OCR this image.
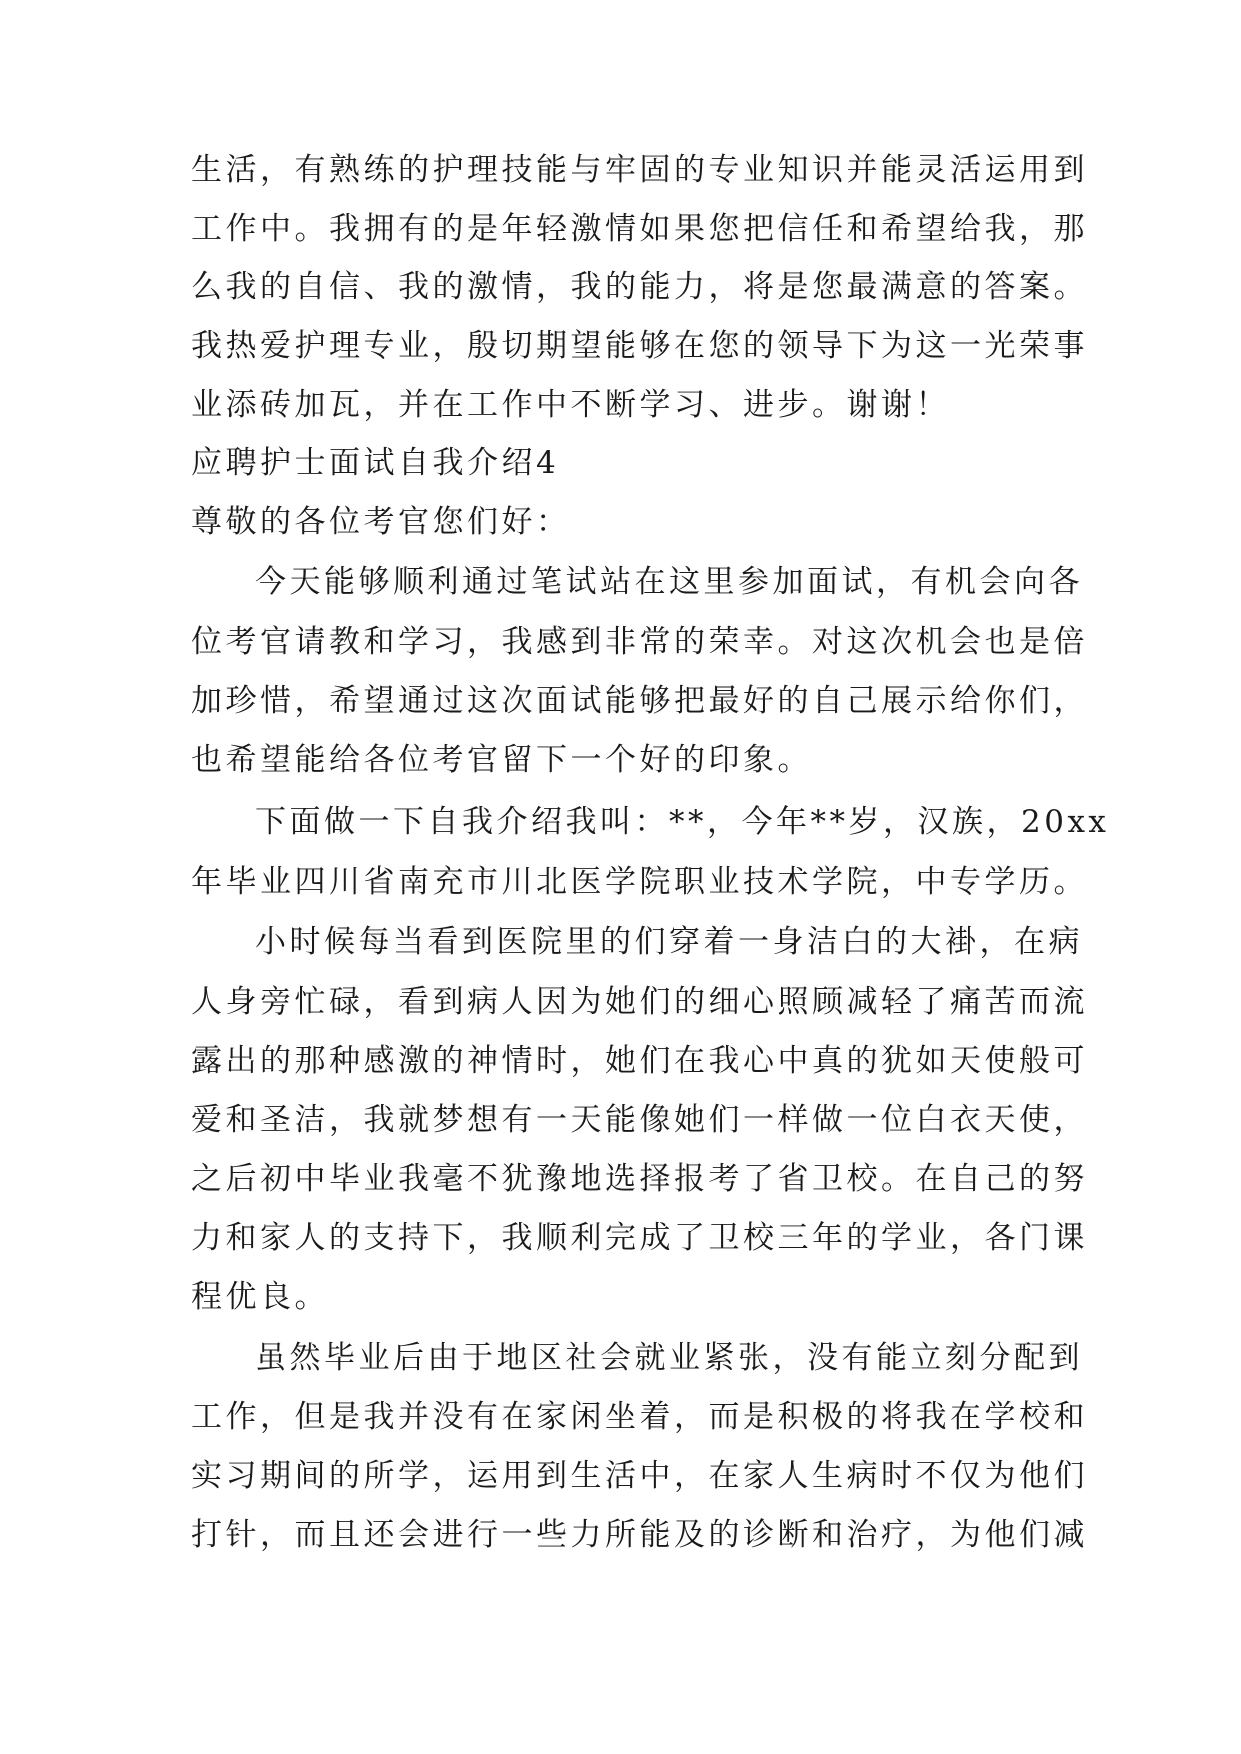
生活，有熟练的护理技能与牢固的专业知识并能灵活运用到
工作中。我拥有的是年轻激情如果您把信任和希望给我，那
么我的自信、我的激情，我的能力，将是您最满意的答案。
我热爱护理专业，殷切期望能够在您的领导下为这一光荣事
业添砖加瓦，并在工作中不断学习、进步。谢谢！
应聘护士面试自我介绍4
尊敬的各位考官您们好：
今天能够顺利通过笔试站在这里参加面试，有机会向各
位考官请教和学习，我感到非常的荣幸。对这次机会也是倍
加珍惜，希望通过这次面试能够把最好的自己展示给你们，
也希望能给各位考官留下一个好的印象。
下面做一下自我介绍我叫：**，今年**岁，汉族，20xx
年毕业四川省南充市川北医学院职业技术学院，中专学历。
小时候每当看到医院里的们穿着一身洁白的大褂，在病
人身旁忙碌，看到病人因为她们的细心照顾减轻了痛苦而流
露出的那种感激的神情时，她们在我心中真的犹如天使般可
爱和圣洁，我就梦想有一天能像她们一样做一位白衣天使，
之后初中毕业我毫不犹豫地选择报考了省卫校。在自己的努
力和家人的支持下，我顺利完成了卫校三年的学业，各门课
程优良。
虽然毕业后由于地区社会就业紧张，没有能立刻分配到
工作，但是我并没有在家闲坐着，而是积极的将我在学校和
实习期间的所学，运用到生活中，在家人生病时不仅为他们
打针，而且还会进行一些力所能及的诊断和治疗，为他们减
